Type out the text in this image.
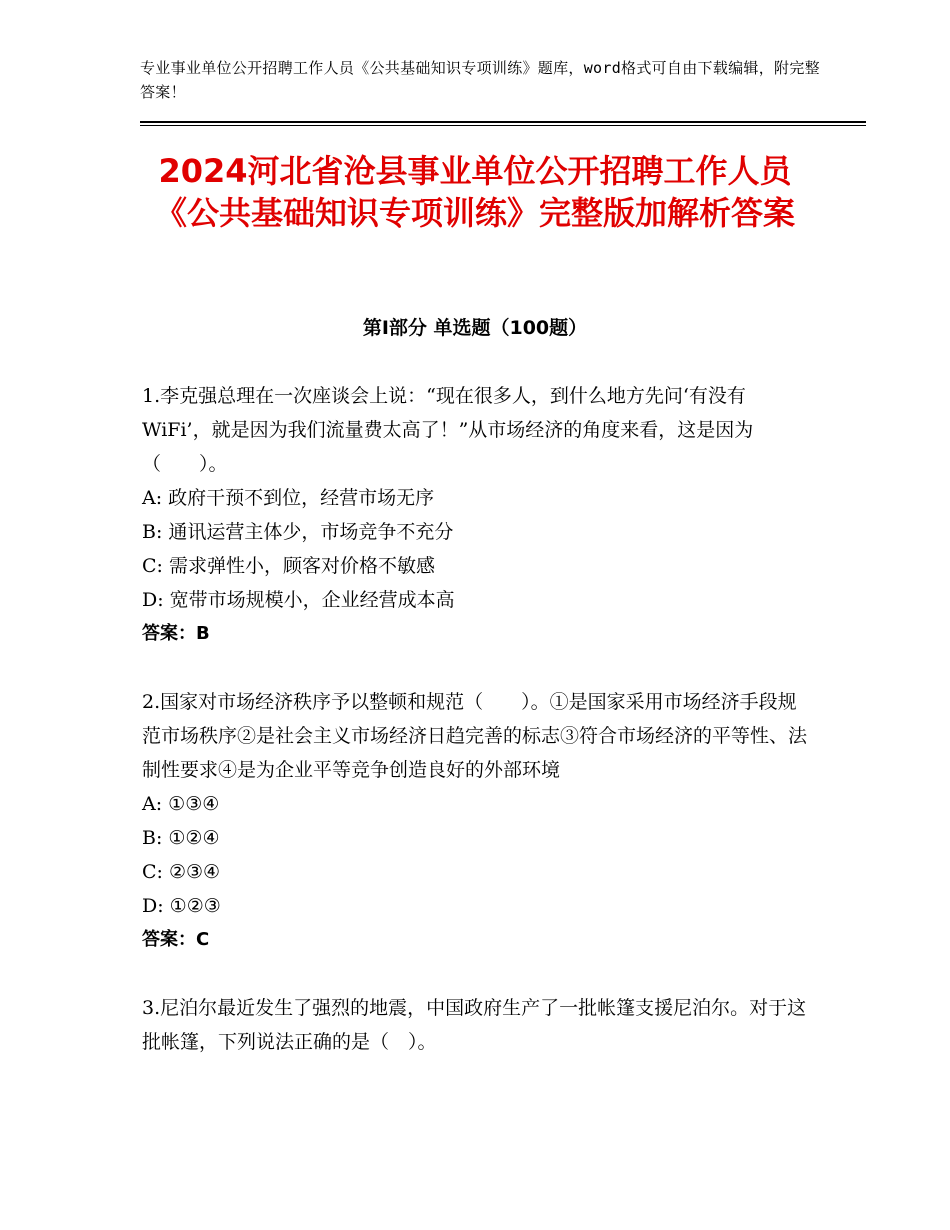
专业事业单位公开招聘工作人员《公共基础知识专项训练》题库，word格式可自由下载编辑，附完整答案！
2024河北省沧县事业单位公开招聘工作人员《公共基础知识专项训练》完整版加解析答案
第Ⅰ部分 单选题（100题）
1.李克强总理在一次座谈会上说：“现在很多人，到什么地方先问‘有没有WiFi’，就是因为我们流量费太高了！”从市场经济的角度来看，这是因为（　　）。
A: 政府干预不到位，经营市场无序
B: 通讯运营主体少，市场竞争不充分
C: 需求弹性小，顾客对价格不敏感
D: 宽带市场规模小，企业经营成本高
答案：B
2.国家对市场经济秩序予以整顿和规范（　　）。①是国家采用市场经济手段规范市场秩序②是社会主义市场经济日趋完善的标志③符合市场经济的平等性、法制性要求④是为企业平等竞争创造良好的外部环境
A: ①③④
B: ①②④
C: ②③④
D: ①②③
答案：C
3.尼泊尔最近发生了强烈的地震，中国政府生产了一批帐篷支援尼泊尔。对于这批帐篷，下列说法正确的是（　）。
